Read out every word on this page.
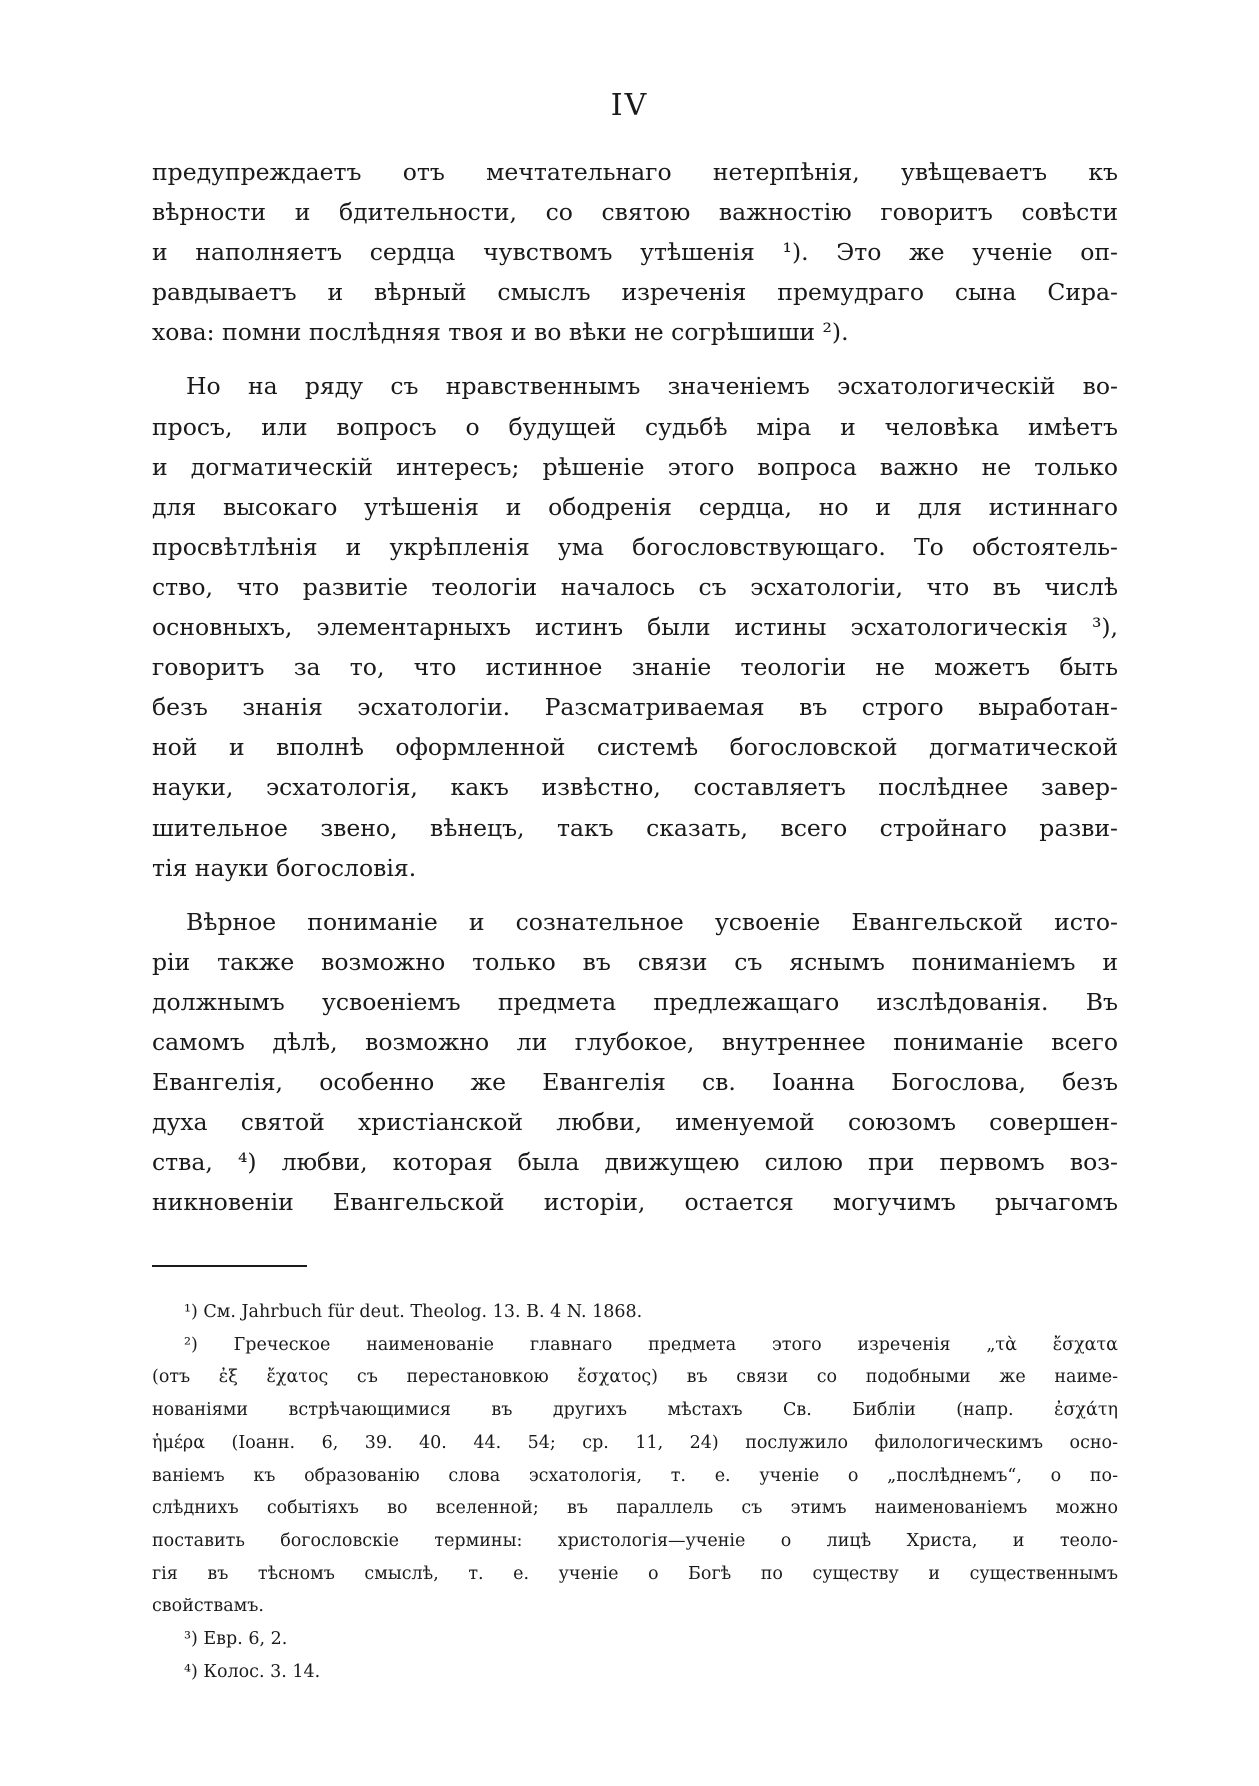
IV

предупреждаетъ отъ мечтательнаго нетерпѣнія, увѣщеваетъ къ
вѣрности и бдительности, со святою важностію говоритъ совѣсти
и наполняетъ сердца чувствомъ утѣшенія ¹). Это же ученіе оп-
равдываетъ и вѣрный смыслъ изреченія премудраго сына Сира-
хова: помни послѣдняя твоя и во вѣки не согрѣшиши ²).

Но на ряду съ нравственнымъ значеніемъ эсхатологическій во-
просъ, или вопросъ о будущей судьбѣ міра и человѣка имѣетъ
и догматическій интересъ; рѣшеніе этого вопроса важно не только
для высокаго утѣшенія и ободренія сердца, но и для истиннаго
просвѣтлѣнія и укрѣпленія ума богословствующаго. То обстоятель-
ство, что развитіе теологіи началось съ эсхатологіи, что въ числѣ
основныхъ, элементарныхъ истинъ были истины эсхатологическія ³),
говоритъ за то, что истинное знаніе теологіи не можетъ быть
безъ знанія эсхатологіи. Разсматриваемая въ строго выработан-
ной и вполнѣ оформленной системѣ богословской догматической
науки, эсхатологія, какъ извѣстно, составляетъ послѣднее завер-
шительное звено, вѣнецъ, такъ сказать, всего стройнаго разви-
тія науки богословія.

Вѣрное пониманіе и сознательное усвоеніе Евангельской исто-
ріи также возможно только въ связи съ яснымъ пониманіемъ и
должнымъ усвоеніемъ предмета предлежащаго изслѣдованія. Въ
самомъ дѣлѣ, возможно ли глубокое, внутреннее пониманіе всего
Евангелія, особенно же Евангелія св. Іоанна Богослова, безъ
духа святой христіанской любви, именуемой союзомъ совершен-
ства, ⁴) любви, которая была движущею силою при первомъ воз-
никновеніи Евангельской исторіи, остается могучимъ рычагомъ

¹) См. Jahrbuch für deut. Theolog. 13. B. 4 N. 1868.
²) Греческое наименованіе главнаго предмета этого изреченія „τὰ ἔσχατα
(отъ ἐξ ἔχατος съ перестановкою ἔσχατος) въ связи со подобными же наиме-
нованіями встрѣчающимися въ другихъ мѣстахъ Св. Библіи (напр. ἐσχάτη
ἡμέρα (Іоанн. 6, 39. 40. 44. 54; ср. 11, 24) послужило филологическимъ осно-
ваніемъ къ образованію слова эсхатологія, т. е. ученіе о „послѣднемъ“, о по-
слѣднихъ событіяхъ во вселенной; въ параллель съ этимъ наименованіемъ можно
поставить богословскіе термины: христологія—ученіе о лицѣ Христа, и теоло-
гія въ тѣсномъ смыслѣ, т. е. ученіе о Богѣ по существу и существеннымъ
свойствамъ.
³) Евр. 6, 2.
⁴) Колос. 3. 14.
